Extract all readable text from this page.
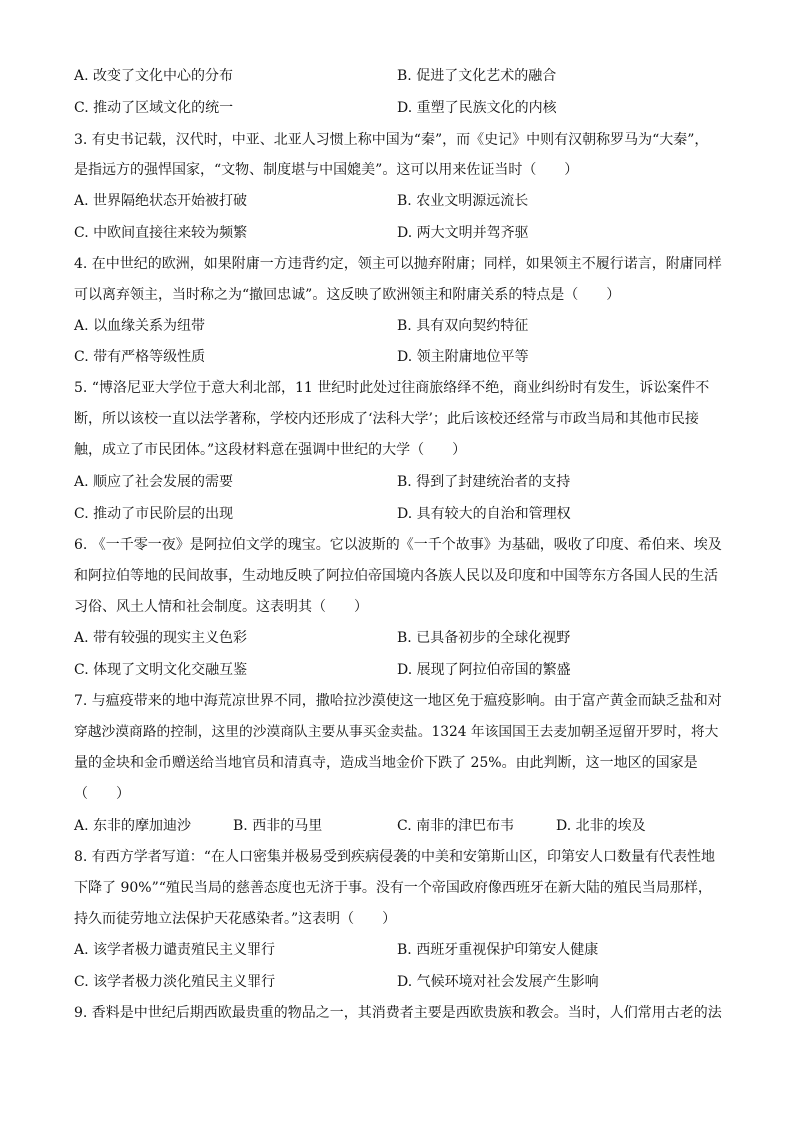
A. 改变了文化中心的分布	B. 促进了文化艺术的融合
C. 推动了区域文化的统一	D. 重塑了民族文化的内核
3. 有史书记载，汉代时，中亚、北亚人习惯上称中国为“秦”，而《史记》中则有汉朝称罗马为“大秦”，
是指远方的强悍国家，“文物、制度堪与中国媲美”。这可以用来佐证当时（　　）
A. 世界隔绝状态开始被打破	B. 农业文明源远流长
C. 中欧间直接往来较为频繁	D. 两大文明并驾齐驱
4. 在中世纪的欧洲，如果附庸一方违背约定，领主可以抛弃附庸；同样，如果领主不履行诺言，附庸同样
可以离弃领主，当时称之为“撤回忠诚”。这反映了欧洲领主和附庸关系的特点是（　　）
A. 以血缘关系为纽带	B. 具有双向契约特征
C. 带有严格等级性质	D. 领主附庸地位平等
5. “博洛尼亚大学位于意大利北部，11 世纪时此处过往商旅络绎不绝，商业纠纷时有发生，诉讼案件不
断，所以该校一直以法学著称，学校内还形成了‘法科大学’；此后该校还经常与市政当局和其他市民接
触，成立了市民团体。”这段材料意在强调中世纪的大学（　　）
A. 顺应了社会发展的需要	B. 得到了封建统治者的支持
C. 推动了市民阶层的出现	D. 具有较大的自治和管理权
6. 《一千零一夜》是阿拉伯文学的瑰宝。它以波斯的《一千个故事》为基础，吸收了印度、希伯来、埃及
和阿拉伯等地的民间故事，生动地反映了阿拉伯帝国境内各族人民以及印度和中国等东方各国人民的生活
习俗、风土人情和社会制度。这表明其（　　）
A. 带有较强的现实主义色彩	B. 已具备初步的全球化视野
C. 体现了文明文化交融互鉴	D. 展现了阿拉伯帝国的繁盛
7. 与瘟疫带来的地中海荒凉世界不同，撒哈拉沙漠使这一地区免于瘟疫影响。由于富产黄金而缺乏盐和对
穿越沙漠商路的控制，这里的沙漠商队主要从事买金卖盐。1324 年该国国王去麦加朝圣逗留开罗时，将大
量的金块和金币赠送给当地官员和清真寺，造成当地金价下跌了 25%。由此判断，这一地区的国家是
（　　）
A. 东非的摩加迪沙	B. 西非的马里	C. 南非的津巴布韦	D. 北非的埃及
8. 有西方学者写道：“在人口密集并极易受到疾病侵袭的中美和安第斯山区，印第安人口数量有代表性地
下降了 90%”“殖民当局的慈善态度也无济于事。没有一个帝国政府像西班牙在新大陆的殖民当局那样，
持久而徒劳地立法保护天花感染者。”这表明（　　）
A. 该学者极力谴责殖民主义罪行	B. 西班牙重视保护印第安人健康
C. 该学者极力淡化殖民主义罪行	D. 气候环境对社会发展产生影响
9. 香料是中世纪后期西欧最贵重的物品之一，其消费者主要是西欧贵族和教会。当时，人们常用古老的法
